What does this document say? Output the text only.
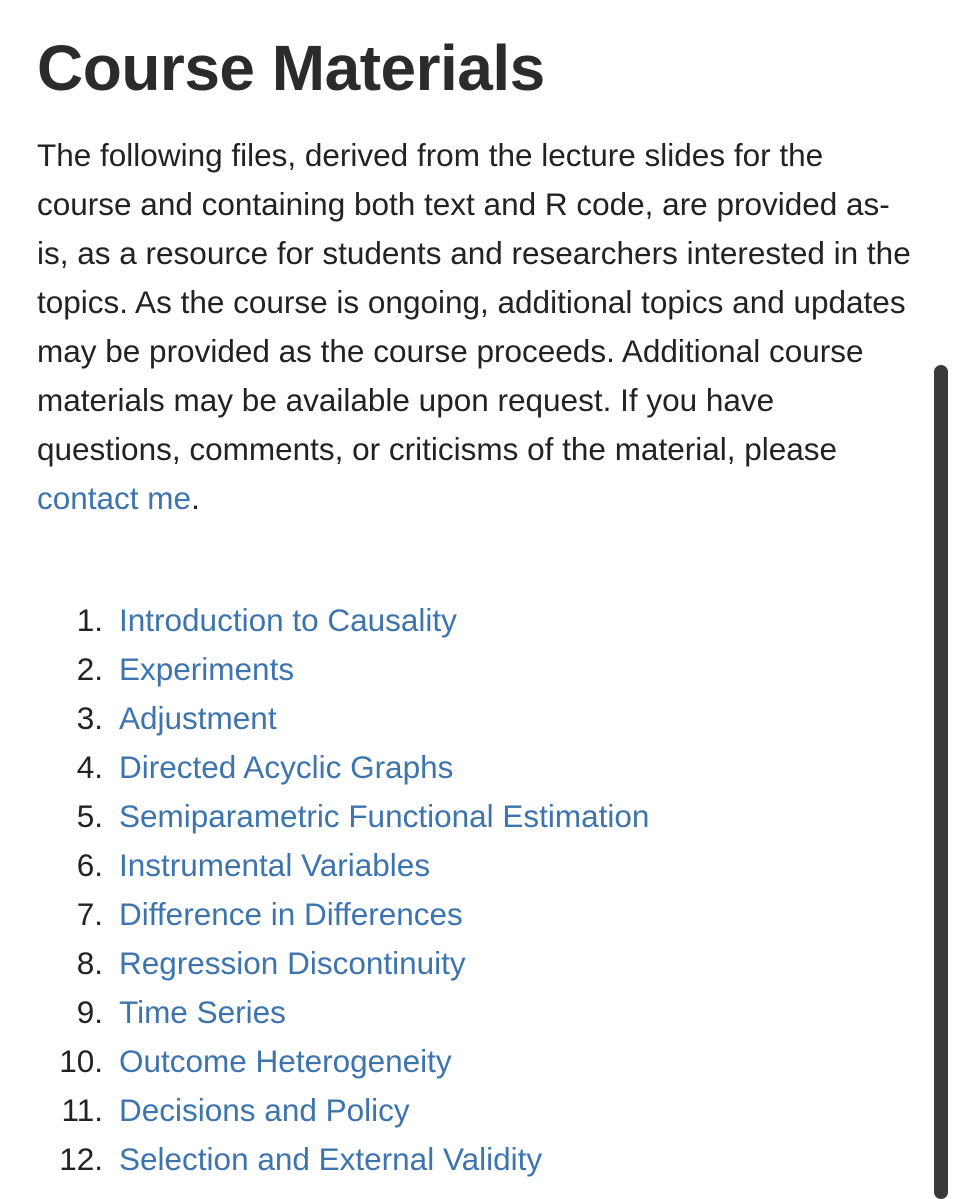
Course Materials

The following files, derived from the lecture slides for the course and containing both text and R code, are provided as-is, as a resource for students and researchers interested in the topics. As the course is ongoing, additional topics and updates may be provided as the course proceeds. Additional course materials may be available upon request. If you have questions, comments, or criticisms of the material, please contact me.

1. Introduction to Causality
2. Experiments
3. Adjustment
4. Directed Acyclic Graphs
5. Semiparametric Functional Estimation
6. Instrumental Variables
7. Difference in Differences
8. Regression Discontinuity
9. Time Series
10. Outcome Heterogeneity
11. Decisions and Policy
12. Selection and External Validity
